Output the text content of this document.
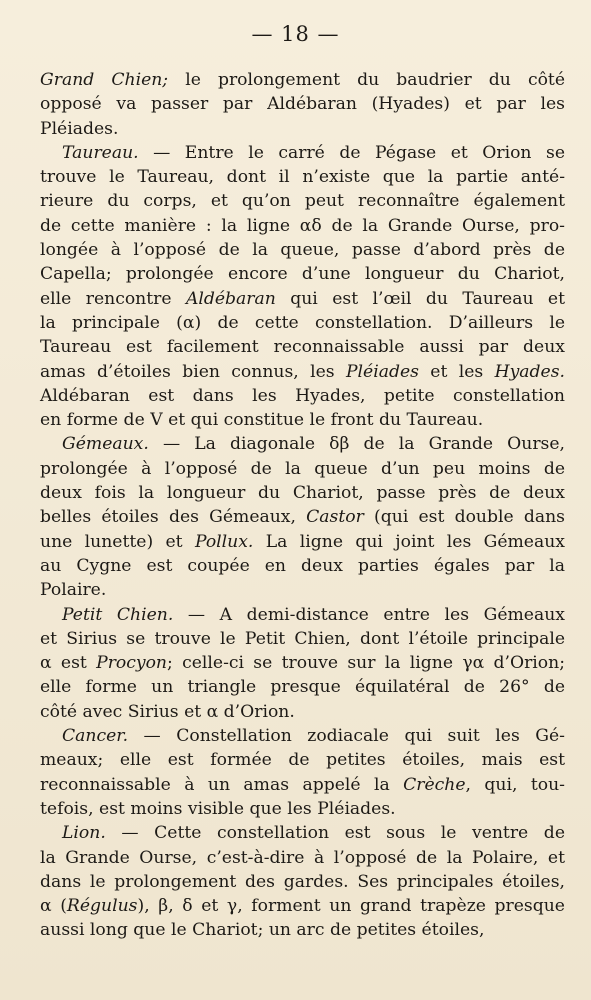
— 18 —

Grand Chien; le prolongement du baudrier du côté
opposé va passer par Aldébaran (Hyades) et par les
Pléiades.

Taureau. — Entre le carré de Pégase et Orion se
trouve le Taureau, dont il n’existe que la partie anté-
rieure du corps, et qu’on peut reconnaître également
de cette manière : la ligne αδ de la Grande Ourse, pro-
longée à l’opposé de la queue, passe d’abord près de
Capella; prolongée encore d’une longueur du Chariot,
elle rencontre Aldébaran qui est l’œil du Taureau et
la principale (α) de cette constellation. D’ailleurs le
Taureau est facilement reconnaissable aussi par deux
amas d’étoiles bien connus, les Pléiades et les Hyades.
Aldébaran est dans les Hyades, petite constellation
en forme de V et qui constitue le front du Taureau.

Gémeaux. — La diagonale δβ de la Grande Ourse,
prolongée à l’opposé de la queue d’un peu moins de
deux fois la longueur du Chariot, passe près de deux
belles étoiles des Gémeaux, Castor (qui est double dans
une lunette) et Pollux. La ligne qui joint les Gémeaux
au Cygne est coupée en deux parties égales par la
Polaire.

Petit Chien. — A demi-distance entre les Gémeaux
et Sirius se trouve le Petit Chien, dont l’étoile principale
α est Procyon; celle-ci se trouve sur la ligne γα d’Orion;
elle forme un triangle presque équilatéral de 26° de
côté avec Sirius et α d’Orion.

Cancer. — Constellation zodiacale qui suit les Gé-
meaux; elle est formée de petites étoiles, mais est
reconnaissable à un amas appelé la Crèche, qui, tou-
tefois, est moins visible que les Pléiades.

Lion. — Cette constellation est sous le ventre de
la Grande Ourse, c’est-à-dire à l’opposé de la Polaire, et
dans le prolongement des gardes. Ses principales étoiles,
α (Régulus), β, δ et γ, forment un grand trapèze presque
aussi long que le Chariot; un arc de petites étoiles,
